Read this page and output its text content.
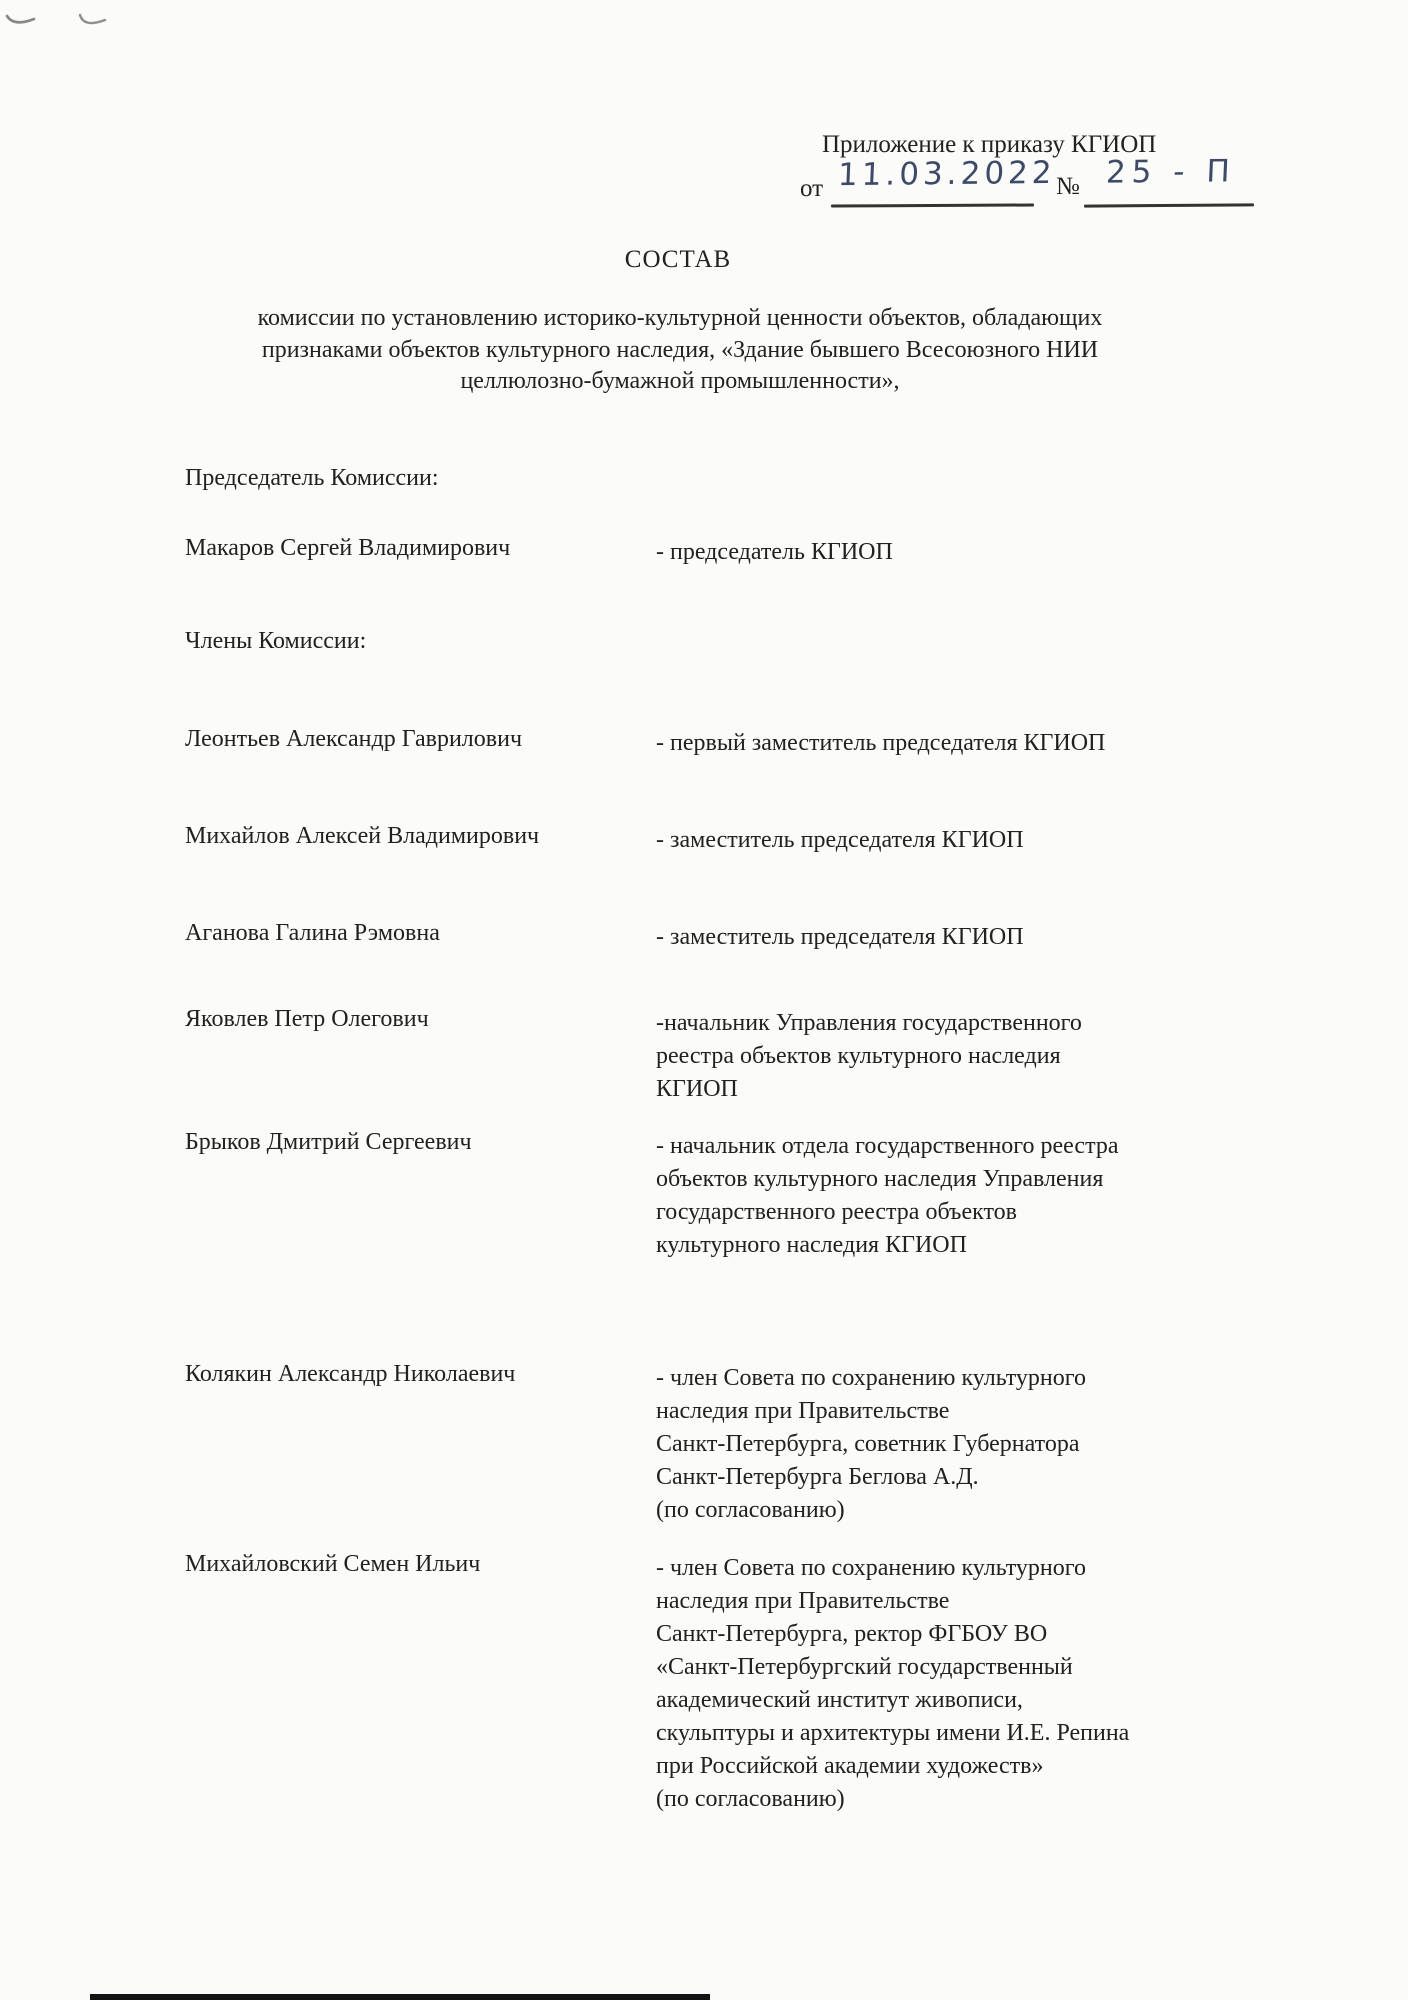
Приложение к приказу КГИОП
от 11.03.2022 № 25 - П
СОСТАВ
комиссии по установлению историко-культурной ценности объектов, обладающих
признаками объектов культурного наследия, «Здание бывшего Всесоюзного НИИ
целлюлозно-бумажной промышленности»,
Председатель Комиссии:
Макаров Сергей Владимирович	- председатель КГИОП
Члены Комиссии:
Леонтьев Александр Гаврилович	- первый заместитель председателя КГИОП
Михайлов Алексей Владимирович	- заместитель председателя КГИОП
Аганова Галина Рэмовна	- заместитель председателя КГИОП
Яковлев Петр Олегович	-начальник Управления государственного
реестра объектов культурного наследия
КГИОП
Брыков Дмитрий Сергеевич	- начальник отдела государственного реестра
объектов культурного наследия Управления
государственного реестра объектов
культурного наследия КГИОП
Колякин Александр Николаевич	- член Совета по сохранению культурного
наследия при Правительстве
Санкт-Петербурга, советник Губернатора
Санкт-Петербурга Беглова А.Д.
(по согласованию)
Михайловский Семен Ильич	- член Совета по сохранению культурного
наследия при Правительстве
Санкт-Петербурга, ректор ФГБОУ ВО
«Санкт-Петербургский государственный
академический институт живописи,
скульптуры и архитектуры имени И.Е. Репина
при Российской академии художеств»
(по согласованию)
